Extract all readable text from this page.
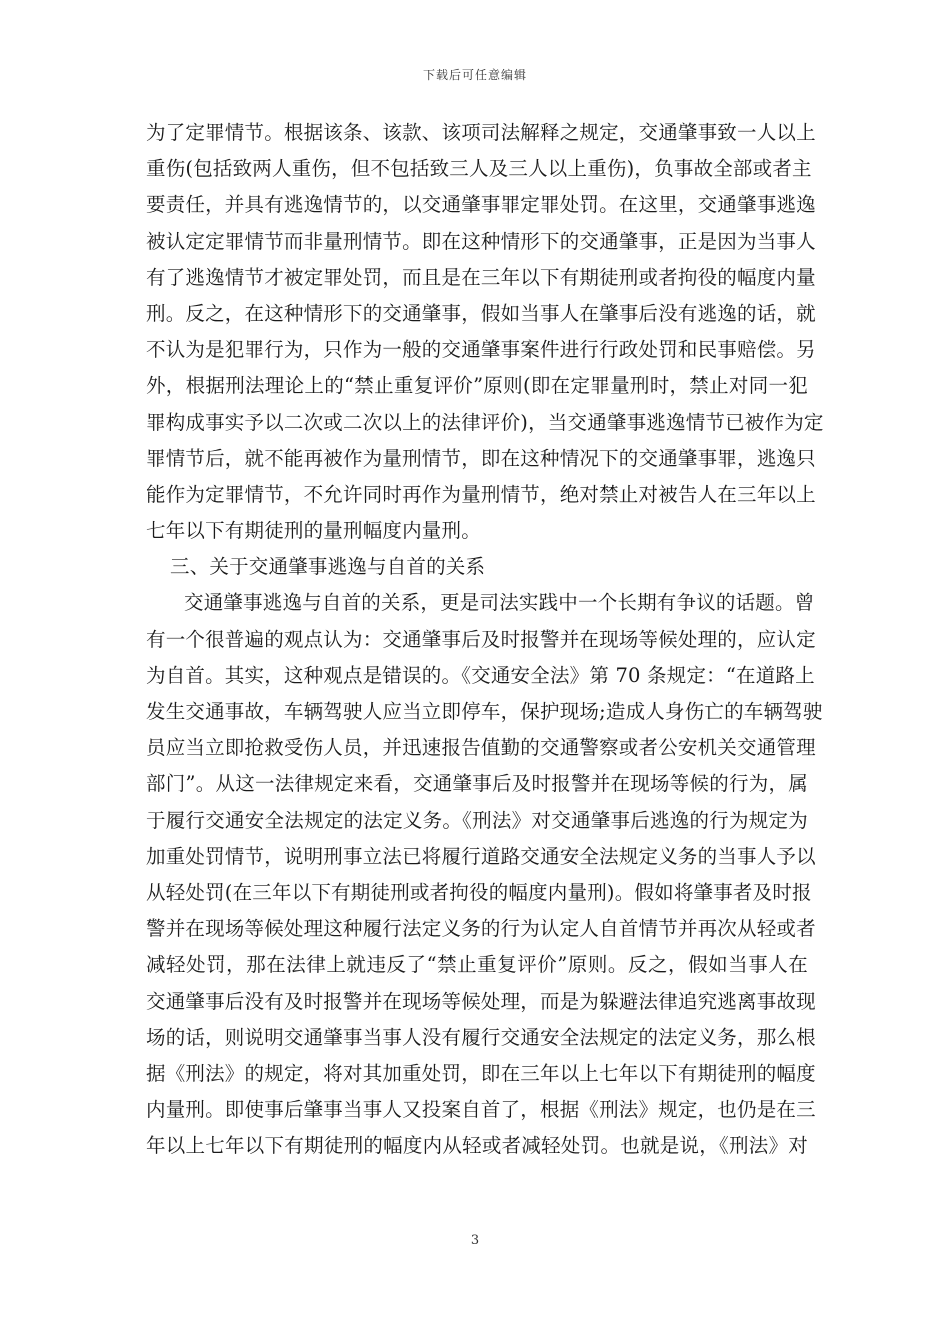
下载后可任意编辑
为了定罪情节。根据该条、该款、该项司法解释之规定，交通肇事致一人以上
重伤(包括致两人重伤，但不包括致三人及三人以上重伤)，负事故全部或者主
要责任，并具有逃逸情节的，以交通肇事罪定罪处罚。在这里，交通肇事逃逸
被认定定罪情节而非量刑情节。即在这种情形下的交通肇事，正是因为当事人
有了逃逸情节才被定罪处罚，而且是在三年以下有期徒刑或者拘役的幅度内量
刑。反之，在这种情形下的交通肇事，假如当事人在肇事后没有逃逸的话，就
不认为是犯罪行为，只作为一般的交通肇事案件进行行政处罚和民事赔偿。另
外，根据刑法理论上的“禁止重复评价”原则(即在定罪量刑时，禁止对同一犯
罪构成事实予以二次或二次以上的法律评价)，当交通肇事逃逸情节已被作为定
罪情节后，就不能再被作为量刑情节，即在这种情况下的交通肇事罪，逃逸只
能作为定罪情节，不允许同时再作为量刑情节，绝对禁止对被告人在三年以上
七年以下有期徒刑的量刑幅度内量刑。
三、关于交通肇事逃逸与自首的关系
交通肇事逃逸与自首的关系，更是司法实践中一个长期有争议的话题。曾
有一个很普遍的观点认为：交通肇事后及时报警并在现场等候处理的，应认定
为自首。其实，这种观点是错误的。《交通安全法》第 70 条规定：“在道路上
发生交通事故，车辆驾驶人应当立即停车，保护现场;造成人身伤亡的车辆驾驶
员应当立即抢救受伤人员，并迅速报告值勤的交通警察或者公安机关交通管理
部门”。从这一法律规定来看，交通肇事后及时报警并在现场等候的行为，属
于履行交通安全法规定的法定义务。《刑法》对交通肇事后逃逸的行为规定为
加重处罚情节，说明刑事立法已将履行道路交通安全法规定义务的当事人予以
从轻处罚(在三年以下有期徒刑或者拘役的幅度内量刑)。假如将肇事者及时报
警并在现场等候处理这种履行法定义务的行为认定人自首情节并再次从轻或者
减轻处罚，那在法律上就违反了“禁止重复评价”原则。反之，假如当事人在
交通肇事后没有及时报警并在现场等候处理，而是为躲避法律追究逃离事故现
场的话，则说明交通肇事当事人没有履行交通安全法规定的法定义务，那么根
据《刑法》的规定，将对其加重处罚，即在三年以上七年以下有期徒刑的幅度
内量刑。即使事后肇事当事人又投案自首了，根据《刑法》规定，也仍是在三
年以上七年以下有期徒刑的幅度内从轻或者减轻处罚。也就是说，《刑法》对
3
